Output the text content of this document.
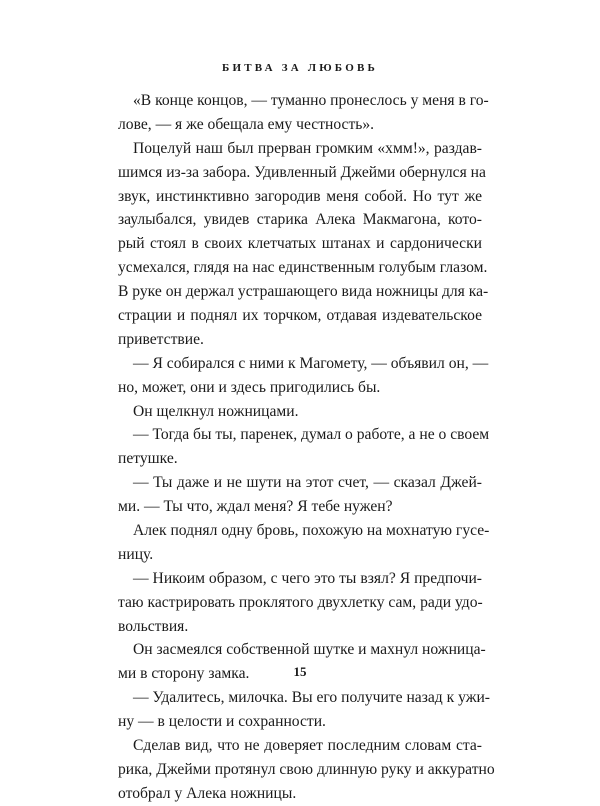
БИТВА ЗА ЛЮБОВЬ
«В конце концов, — туманно пронеслось у меня в го-
лове, — я же обещала ему честность».
Поцелуй наш был прерван громким «хмм!», раздав-
шимся из-за забора. Удивленный Джейми обернулся на
звук, инстинктивно загородив меня собой. Но тут же
заулыбался, увидев старика Алека Макмагона, кото-
рый стоял в своих клетчатых штанах и сардонически
усмехался, глядя на нас единственным голубым глазом.
В руке он держал устрашающего вида ножницы для ка-
страции и поднял их торчком, отдавая издевательское
приветствие.
— Я собирался с ними к Магомету, — объявил он, —
но, может, они и здесь пригодились бы.
Он щелкнул ножницами.
— Тогда бы ты, паренек, думал о работе, а не о своем
петушке.
— Ты даже и не шути на этот счет, — сказал Джей-
ми. — Ты что, ждал меня? Я тебе нужен?
Алек поднял одну бровь, похожую на мохнатую гусе-
ницу.
— Никоим образом, с чего это ты взял? Я предпочи-
таю кастрировать проклятого двухлетку сам, ради удо-
вольствия.
Он засмеялся собственной шутке и махнул ножница-
ми в сторону замка.
— Удалитесь, милочка. Вы его получите назад к ужи-
ну — в целости и сохранности.
Сделав вид, что не доверяет последним словам ста-
рика, Джейми протянул свою длинную руку и аккуратно
отобрал у Алека ножницы.
15
